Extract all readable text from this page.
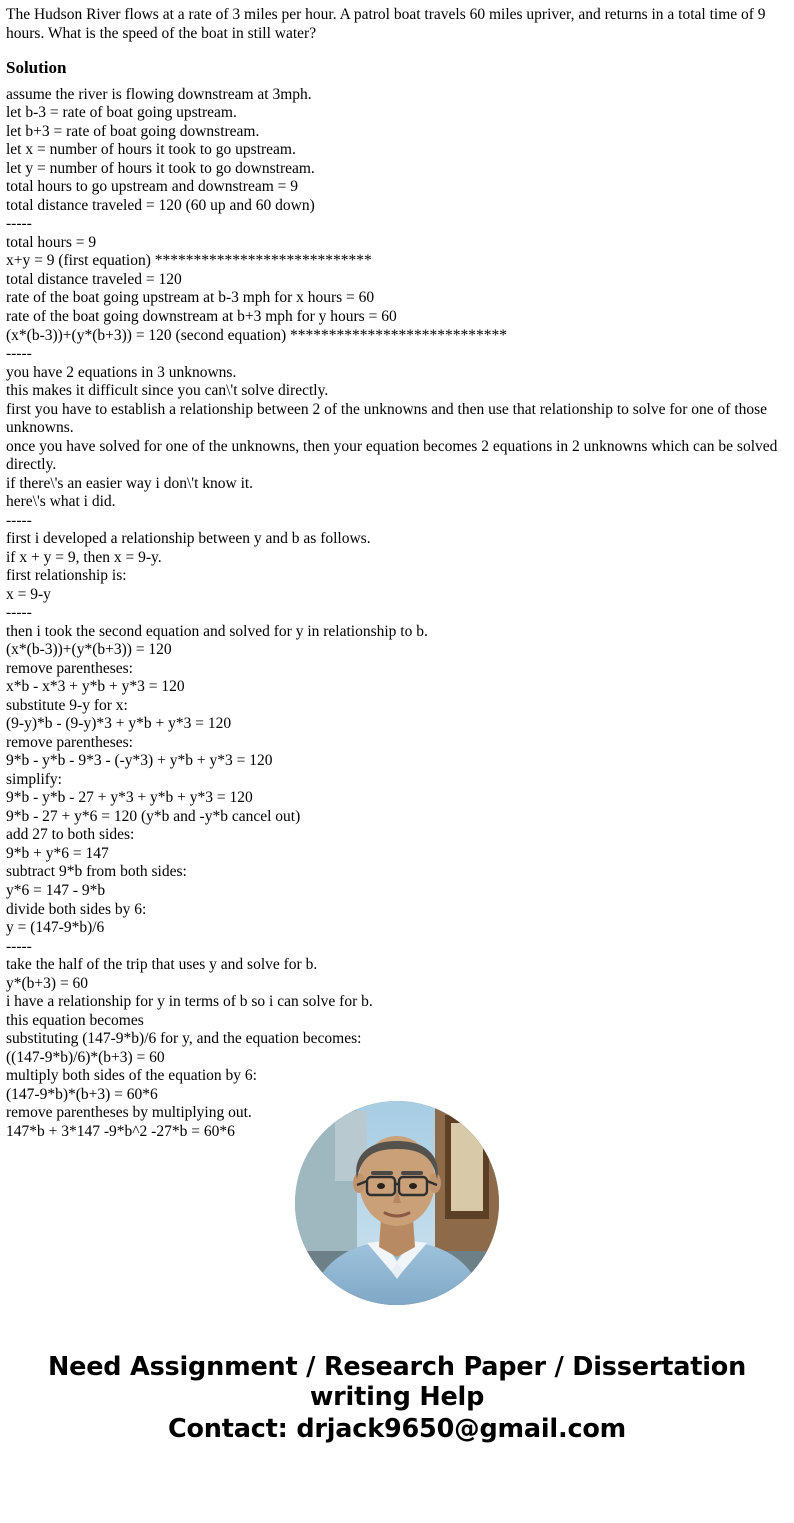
The Hudson River flows at a rate of 3 miles per hour. A patrol boat travels 60 miles upriver, and returns in a total time of 9 hours. What is the speed of the boat in still water?

Solution

assume the river is flowing downstream at 3mph.

let b-3 = rate of boat going upstream.

let b+3 = rate of boat going downstream.

let x = number of hours it took to go upstream.

let y = number of hours it took to go downstream.

total hours to go upstream and downstream = 9

total distance traveled = 120 (60 up and 60 down)

-----

total hours = 9

x+y = 9 (first equation) ****************************

total distance traveled = 120

rate of the boat going upstream at b-3 mph for x hours = 60

rate of the boat going downstream at b+3 mph for y hours = 60

(x*(b-3))+(y*(b+3)) = 120 (second equation) ****************************

-----

you have 2 equations in 3 unknowns.

this makes it difficult since you can\'t solve directly.

first you have to establish a relationship between 2 of the unknowns and then use that relationship to solve for one of those unknowns.

once you have solved for one of the unknowns, then your equation becomes 2 equations in 2 unknowns which can be solved directly.

if there\'s an easier way i don\'t know it.

here\'s what i did.

-----

first i developed a relationship between y and b as follows.

if x + y = 9, then x = 9-y.

first relationship is:

x = 9-y

-----

then i took the second equation and solved for y in relationship to b.

(x*(b-3))+(y*(b+3)) = 120

remove parentheses:

x*b - x*3 + y*b + y*3 = 120

substitute 9-y for x:

(9-y)*b - (9-y)*3 + y*b + y*3 = 120

remove parentheses:

9*b - y*b - 9*3 - (-y*3) + y*b + y*3 = 120

simplify:

9*b - y*b - 27 + y*3 + y*b + y*3 = 120

9*b - 27 + y*6 = 120 (y*b and -y*b cancel out)

add 27 to both sides:

9*b + y*6 = 147

subtract 9*b from both sides:

y*6 = 147 - 9*b

divide both sides by 6:

y = (147-9*b)/6

-----

take the half of the trip that uses y and solve for b.

y*(b+3) = 60

i have a relationship for y in terms of b so i can solve for b.

this equation becomes

substituting (147-9*b)/6 for y, and the equation becomes:

((147-9*b)/6)*(b+3) = 60

multiply both sides of the equation by 6:

(147-9*b)*(b+3) = 60*6

remove parentheses by multiplying out.

147*b + 3*147 -9*b^2 -27*b = 60*6

Need Assignment / Research Paper / Dissertation
writing Help
Contact: drjack9650@gmail.com
